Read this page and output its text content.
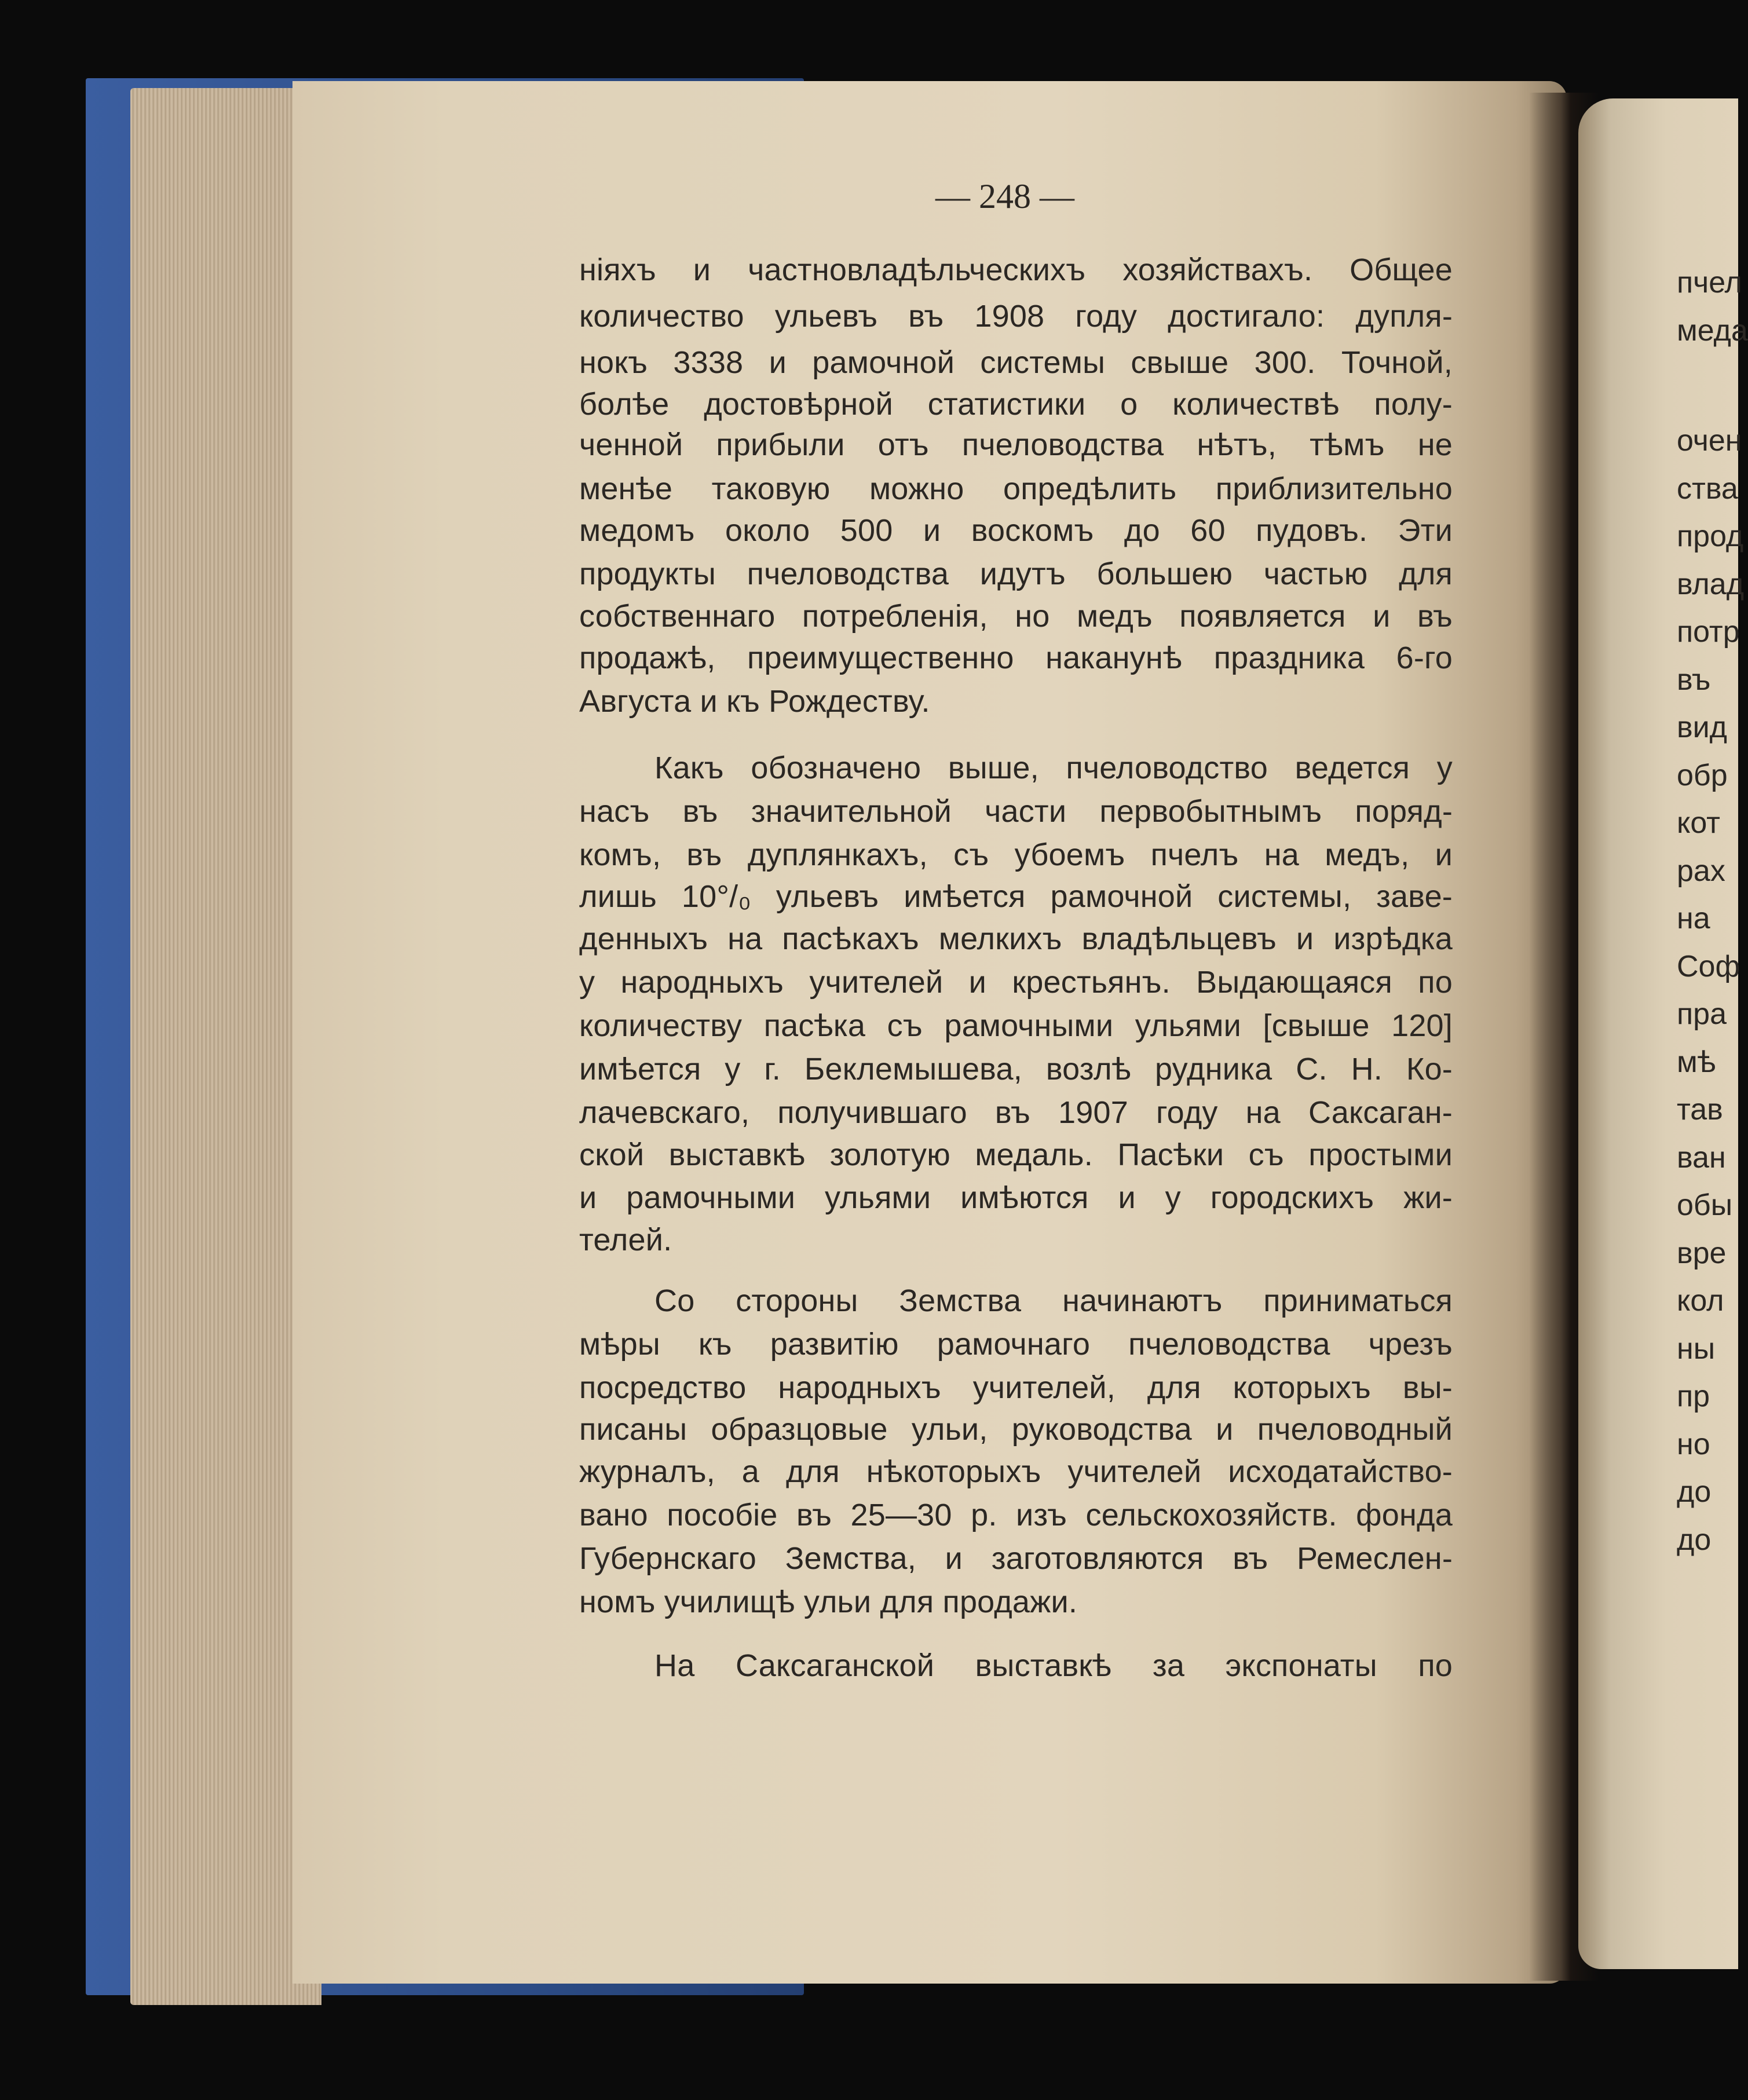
— 248 —
ніяхъ и частновладѣльческихъ хозяйствахъ. Общее
количество ульевъ въ 1908 году достигало: дупля-
нокъ 3338 и рамочной системы свыше 300. Точной,
болѣе достовѣрной статистики о количествѣ полу-
ченной прибыли отъ пчеловодства нѣтъ, тѣмъ не
менѣе таковую можно опредѣлить приблизительно
медомъ около 500 и воскомъ до 60 пудовъ. Эти
продукты пчеловодства идутъ большею частью для
собственнаго потребленія, но медъ появляется и въ
продажѣ, преимущественно наканунѣ праздника 6-го
Августа и къ Рождеству.
Какъ обозначено выше, пчеловодство ведется у
насъ въ значительной части первобытнымъ поряд-
комъ, въ дуплянкахъ, съ убоемъ пчелъ на медъ, и
лишь 10°/₀ ульевъ имѣется рамочной системы, заве-
денныхъ на пасѣкахъ мелкихъ владѣльцевъ и изрѣдка
у народныхъ учителей и крестьянъ. Выдающаяся по
количеству пасѣка съ рамочными ульями [свыше 120]
имѣется у г. Беклемышева, возлѣ рудника С. Н. Ко-
лачевскаго, получившаго въ 1907 году на Саксаган-
ской выставкѣ золотую медаль. Пасѣки съ простыми
и рамочными ульями имѣются и у городскихъ жи-
телей.
Со стороны Земства начинаютъ приниматься
мѣры къ развитію рамочнаго пчеловодства чрезъ
посредство народныхъ учителей, для которыхъ вы-
писаны образцовые ульи, руководства и пчеловодный
журналъ, а для нѣкоторыхъ учителей исходатайство-
вано пособіе въ 25—30 р. изъ сельскохозяйств. фонда
Губернскаго Земства, и заготовляются въ Ремеслен-
номъ училищѣ ульи для продажи.
На Саксаганской выставкѣ за экспонаты по
пчел
меда
очен
ства
прод
влад
потр
въ
вид
обр
кот
рах
на
Соф
пра
мѣ
тав
ван
обы
вре
кол
ны
пр
но
до
до
